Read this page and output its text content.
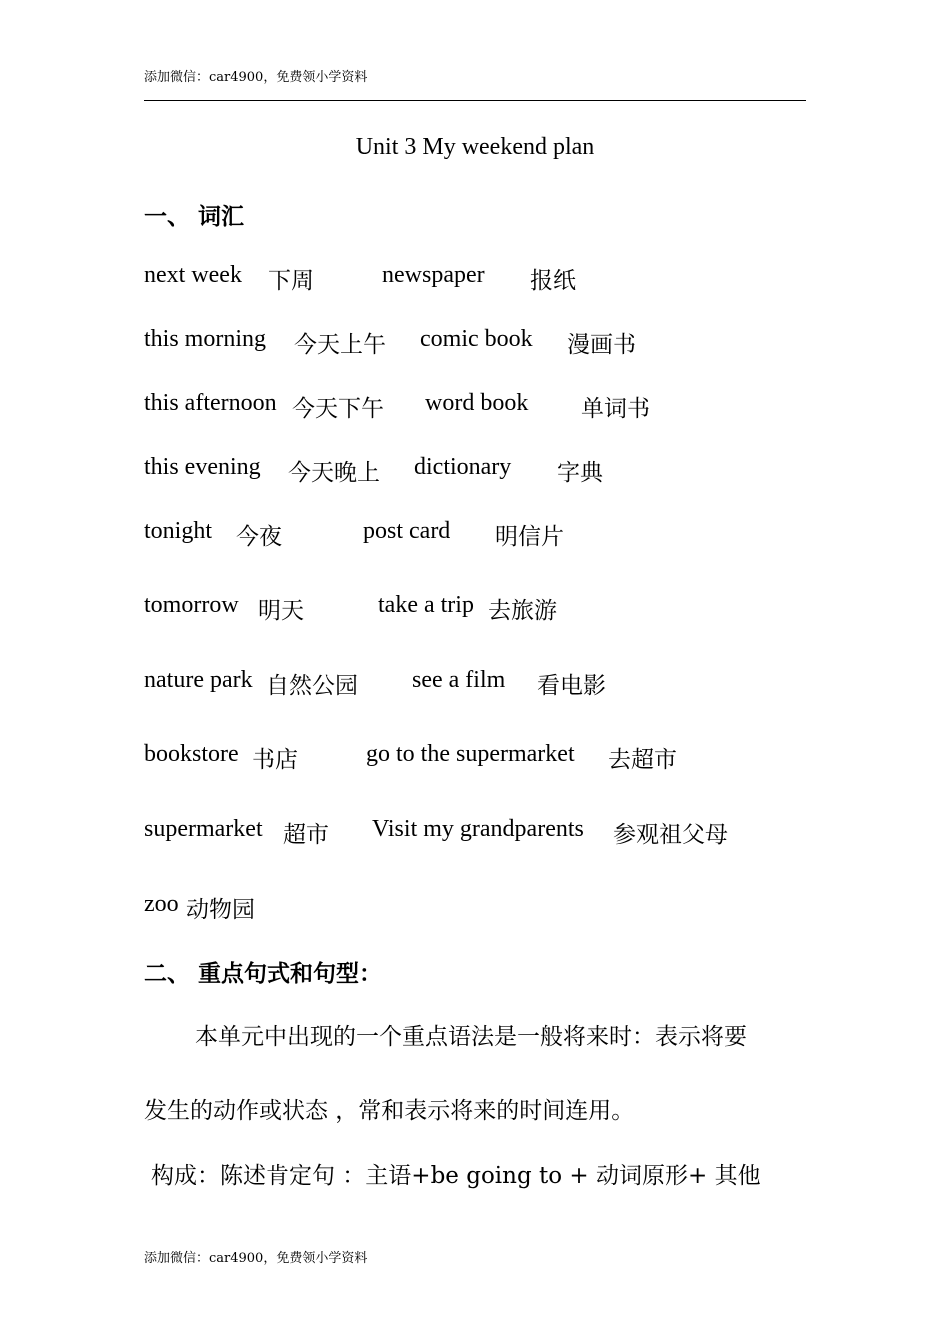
添加微信：car4900，免费领小学资料
Unit 3 My weekend plan
一、 词汇
next week 下周	newspaper 报纸
this morning 今天上午 comic book 漫画书
this afternoon 今天下午 word book 单词书
this evening 今天晚上 dictionary 字典
tonight 今夜	post card 明信片
tomorrow 明天	take a trip 去旅游
nature park 自然公园 see a film 看电影
bookstore 书店	go to the supermarket 去超市
supermarket 超市 Visit my grandparents 参观祖父母
zoo 动物园
二、 重点句式和句型：
本单元中出现的一个重点语法是一般将来时：表示将要
发生的动作或状态 ，常和表示将来的时间连用。
构成：陈述肯定句 ：主语+be going to + 动词原形+ 其他
添加微信：car4900，免费领小学资料
